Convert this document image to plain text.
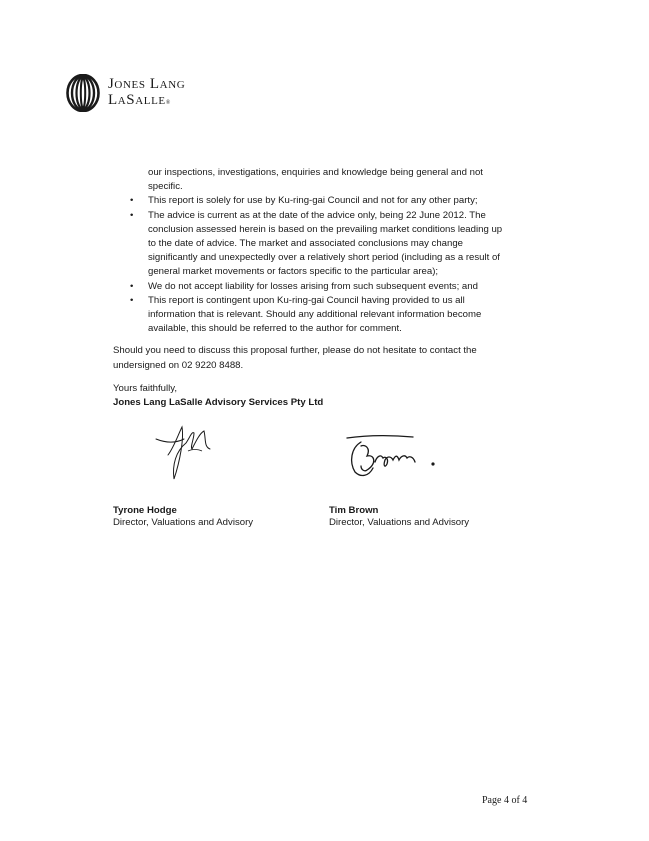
Jones Lang
LaSalle®
our inspections, investigations, enquiries and knowledge being general and not
specific.
• This report is solely for use by Ku-ring-gai Council and not for any other party;
• The advice is current as at the date of the advice only, being 22 June 2012. The
conclusion assessed herein is based on the prevailing market conditions leading up
to the date of advice. The market and associated conclusions may change
significantly and unexpectedly over a relatively short period (including as a result of
general market movements or factors specific to the particular area);
• We do not accept liability for losses arising from such subsequent events; and
• This report is contingent upon Ku-ring-gai Council having provided to us all
information that is relevant. Should any additional relevant information become
available, this should be referred to the author for comment.
Should you need to discuss this proposal further, please do not hesitate to contact the
undersigned on 02 9220 8488.
Yours faithfully,
Jones Lang LaSalle Advisory Services Pty Ltd
Tyrone Hodge
Director, Valuations and Advisory
Tim Brown
Director, Valuations and Advisory
Page 4 of 4
